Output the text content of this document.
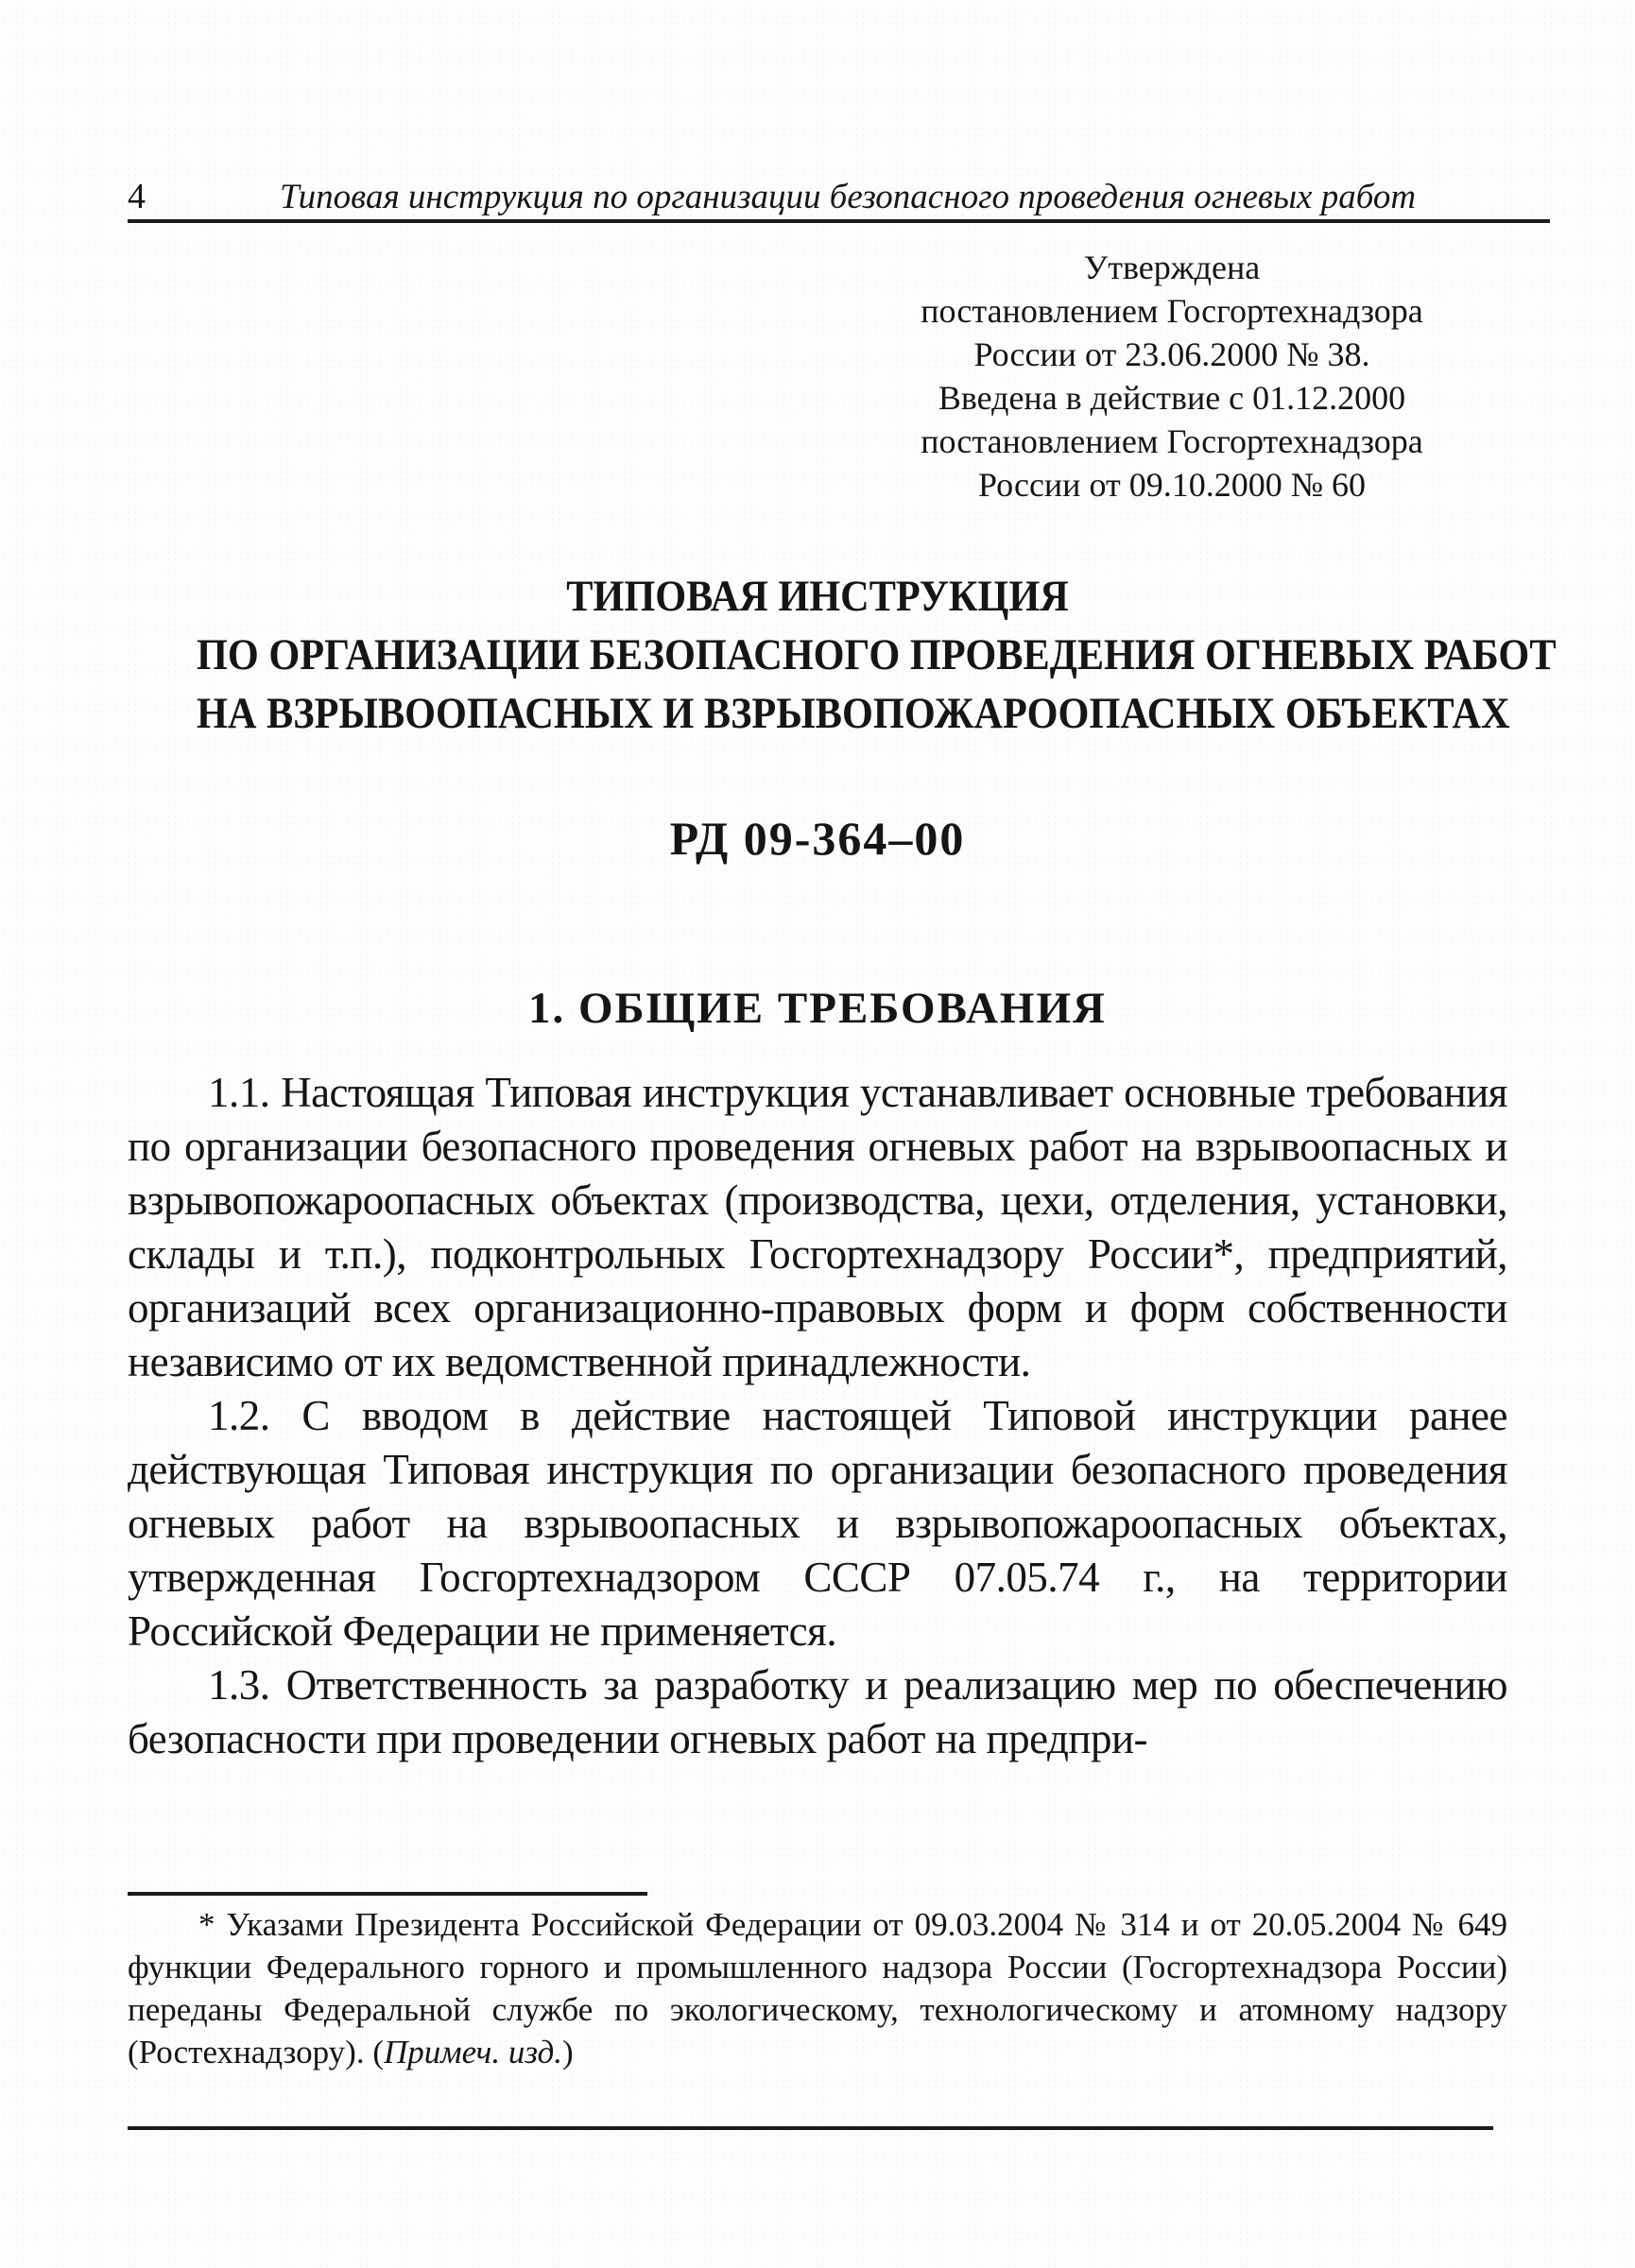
4	Типовая инструкция по организации безопасного проведения огневых работ
Утверждена
постановлением Госгортехнадзора
России от 23.06.2000 № 38.
Введена в действие с 01.12.2000
постановлением Госгортехнадзора
России от 09.10.2000 № 60
ТИПОВАЯ ИНСТРУКЦИЯ
ПО ОРГАНИЗАЦИИ БЕЗОПАСНОГО ПРОВЕДЕНИЯ ОГНЕВЫХ РАБОТ
НА ВЗРЫВООПАСНЫХ И ВЗРЫВОПОЖАРООПАСНЫХ ОБЪЕКТАХ
РД 09-364–00
1. ОБЩИЕ ТРЕБОВАНИЯ

1.1. Настоящая Типовая инструкция устанавливает основные требования по организации безопасного проведения огневых работ на взрывоопасных и взрывопожароопасных объектах (производства, цехи, отделения, установки, склады и т.п.), подконтрольных Госгортехнадзору России*, предприятий, организаций всех организационно-правовых форм и форм собственности независимо от их ведомственной принадлежности.

1.2. С вводом в действие настоящей Типовой инструкции ранее действующая Типовая инструкция по организации безопасного проведения огневых работ на взрывоопасных и взрывопожароопасных объектах, утвержденная Госгортехнадзором СССР 07.05.74 г., на территории Российской Федерации не применяется.

1.3. Ответственность за разработку и реализацию мер по обеспечению безопасности при проведении огневых работ на предпри-

* Указами Президента Российской Федерации от 09.03.2004 № 314 и от 20.05.2004 № 649 функции Федерального горного и промышленного надзора России (Госгортехнадзора России) переданы Федеральной службе по экологическому, технологическому и атомному надзору (Ростехнадзору). (Примеч. изд.)
